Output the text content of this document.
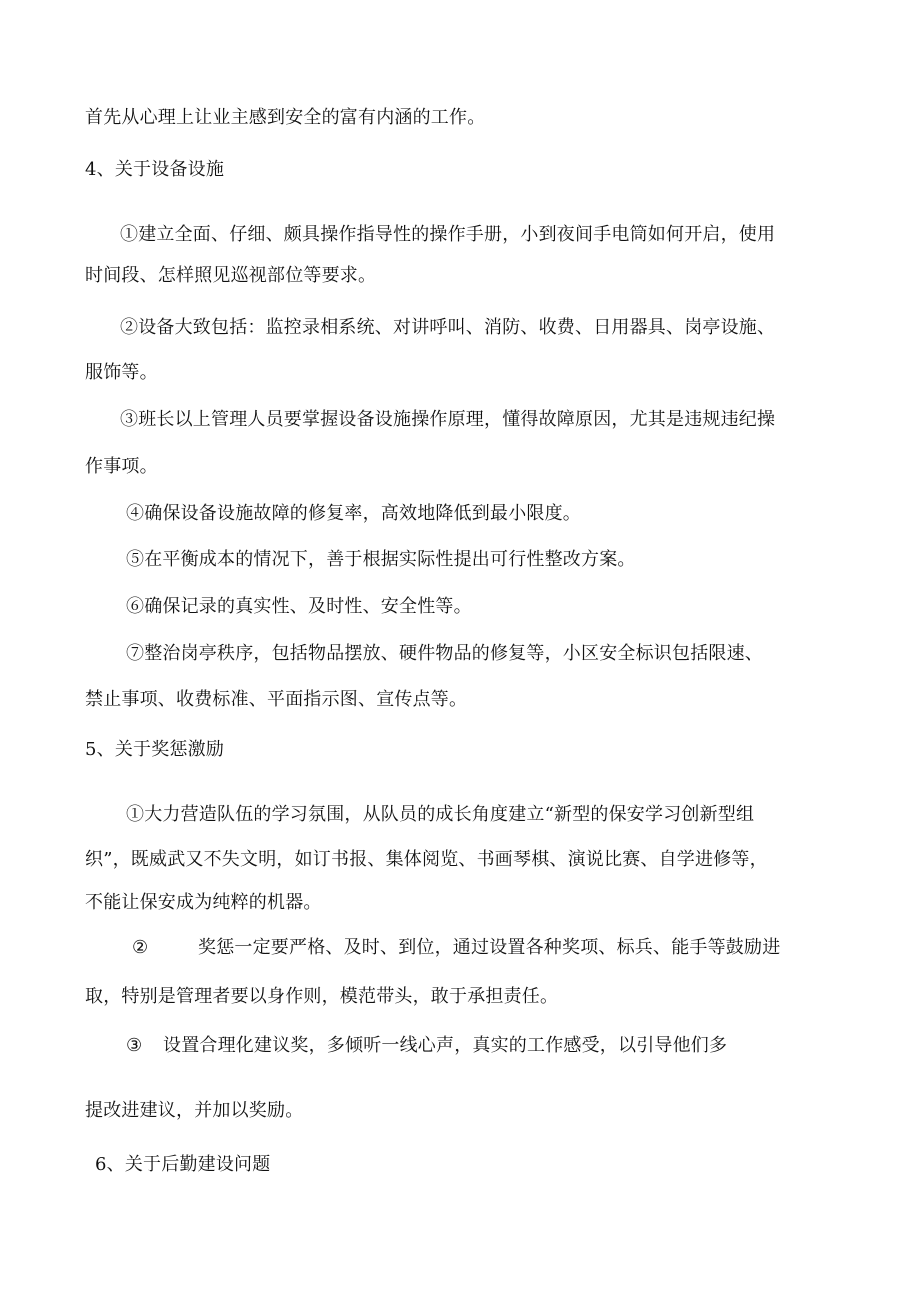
首先从心理上让业主感到安全的富有内涵的工作。
4、关于设备设施
①建立全面、仔细、颇具操作指导性的操作手册，小到夜间手电筒如何开启，使用
时间段、怎样照见巡视部位等要求。
②设备大致包括：监控录相系统、对讲呼叫、消防、收费、日用器具、岗亭设施、
服饰等。
③班长以上管理人员要掌握设备设施操作原理，懂得故障原因，尤其是违规违纪操
作事项。
④确保设备设施故障的修复率，高效地降低到最小限度。
⑤在平衡成本的情况下，善于根据实际性提出可行性整改方案。
⑥确保记录的真实性、及时性、安全性等。
⑦整治岗亭秩序，包括物品摆放、硬件物品的修复等，小区安全标识包括限速、
禁止事项、收费标准、平面指示图、宣传点等。
5、关于奖惩激励
①大力营造队伍的学习氛围，从队员的成长角度建立“新型的保安学习创新型组
织”，既威武又不失文明，如订书报、集体阅览、书画琴棋、演说比赛、自学进修等，
不能让保安成为纯粹的机器。
②	奖惩一定要严格、及时、到位，通过设置各种奖项、标兵、能手等鼓励进
取，特别是管理者要以身作则，模范带头，敢于承担责任。
③ 设置合理化建议奖，多倾听一线心声，真实的工作感受，以引导他们多
提改进建议，并加以奖励。
6、关于后勤建设问题
